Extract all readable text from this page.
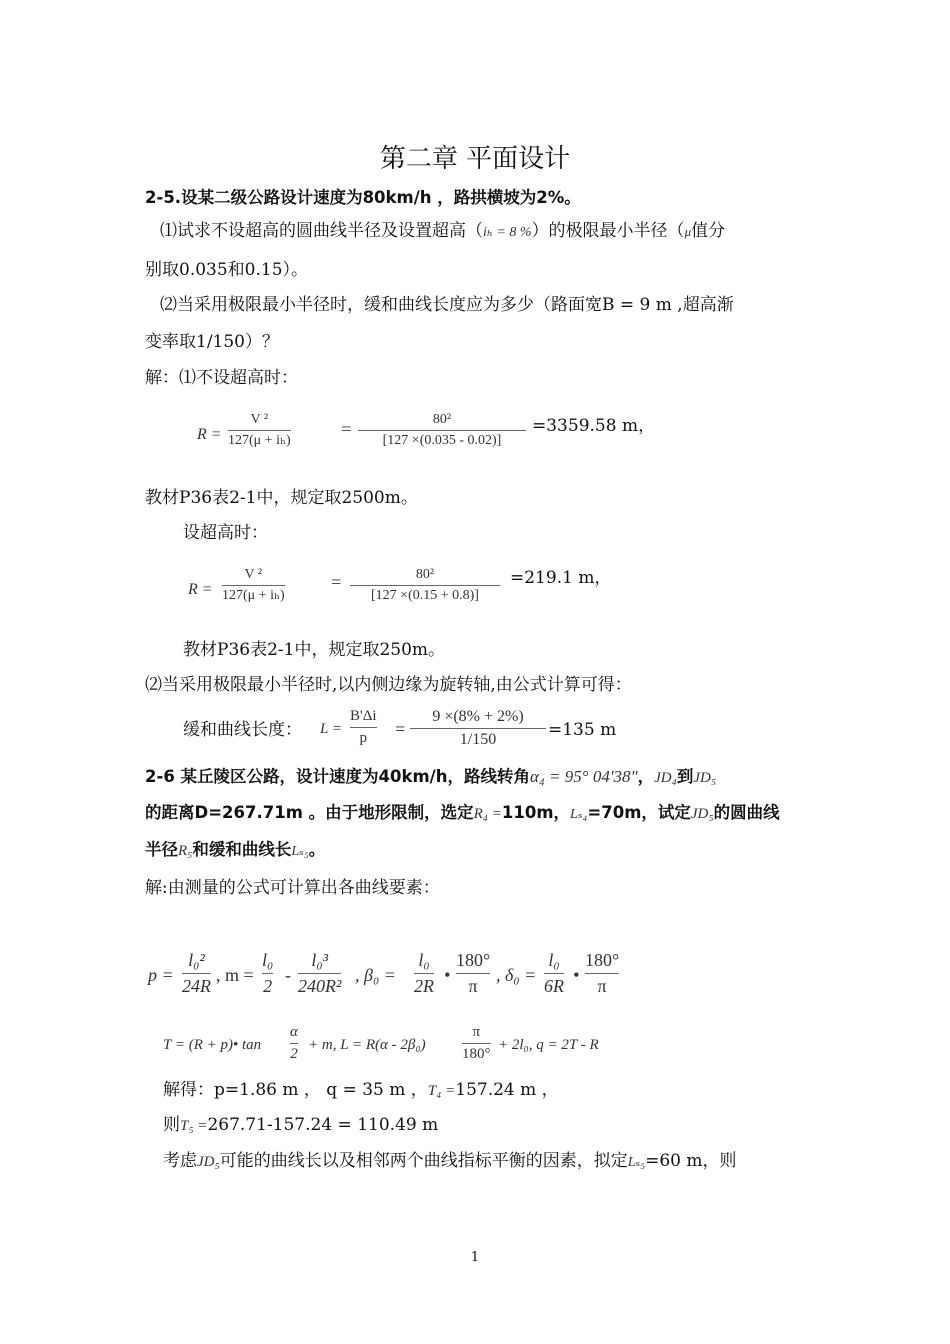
第二章 平面设计
2-5.设某二级公路设计速度为80km/h ，路拱横坡为2%。
⑴试求不设超高的圆曲线半径及设置超高（iₕ = 8 %）的极限最小半径（μ值分
别取0.035和0.15）。
⑵当采用极限最小半径时，缓和曲线长度应为多少（路面宽B = 9 m ,超高渐
变率取1/150）？
解：⑴不设超高时：
R =
V ²
127(μ + iₕ)
=	80²
[127 ×(0.035 - 0.02)]
=3359.58 m，
教材P36表2-1中，规定取2500m。
设超高时：
R =
V ²
127(μ + iₕ)
=	80²
[127 ×(0.15 + 0.8)]
=219.1 m，
教材P36表2-1中，规定取250m。
⑵当采用极限最小半径时,以内侧边缘为旋转轴,由公式计算可得：
缓和曲线长度： L =
B'Δi
p =
9 ×(8% + 2%)
1/150	=135 m
2-6 某丘陵区公路，设计速度为40km/h，路线转角α₄ = 95° 04'38"，JD₄到JD₅
的距离D=267.71m 。由于地形限制，选定R₄ =110m，Lₛ₄=70m，试定JD₅的圆曲线
半径R₅和缓和曲线长Lₛ₅。
解:由测量的公式可计算出各曲线要素：
p =
l₀²
24R
, m =
l₀
2
-
l₀³
240R²
, β₀ =
l₀
2R
•
180°
π
, δ₀ =
l₀
6R
•
180°
π
T = (R + p)• tan
α
2
+ m, L = R(α - 2β₀)
π
180°
+ 2l₀, q = 2T - R
解得：p=1.86 m ， q = 35 m ，T₄ =157.24 m ，
则T₅ =267.71-157.24 = 110.49 m
考虑JD₅可能的曲线长以及相邻两个曲线指标平衡的因素，拟定Lₛ₅=60 m，则
1
